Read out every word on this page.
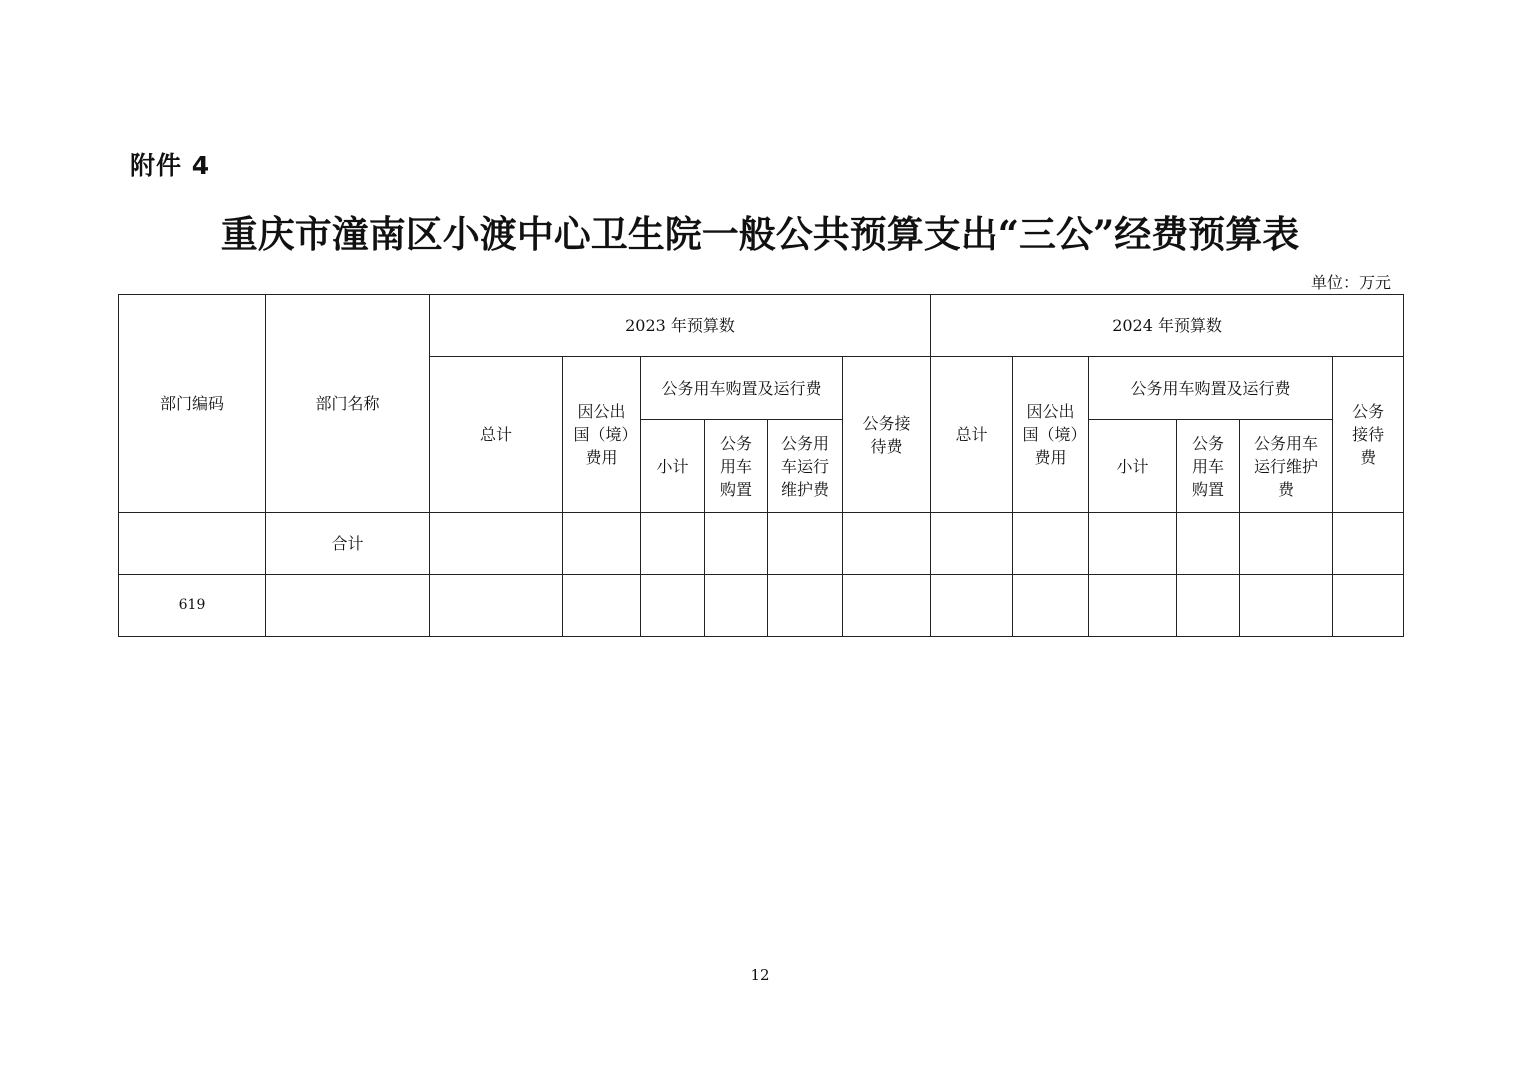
附件 4
重庆市潼南区小渡中心卫生院一般公共预算支出“三公”经费预算表
单位：万元
部门编码	部门名称	2023 年预算数						2024 年预算数					
		总计	因公出国（境）费用	公务用车购置及运行费			公务接待费	总计	因公出国（境）费用	公务用车购置及运行费			公务接待费
				小计	公务用车购置	公务用车运行维护费				小计	公务用车购置	公务用车运行维护费	
	合计												
619													
12
